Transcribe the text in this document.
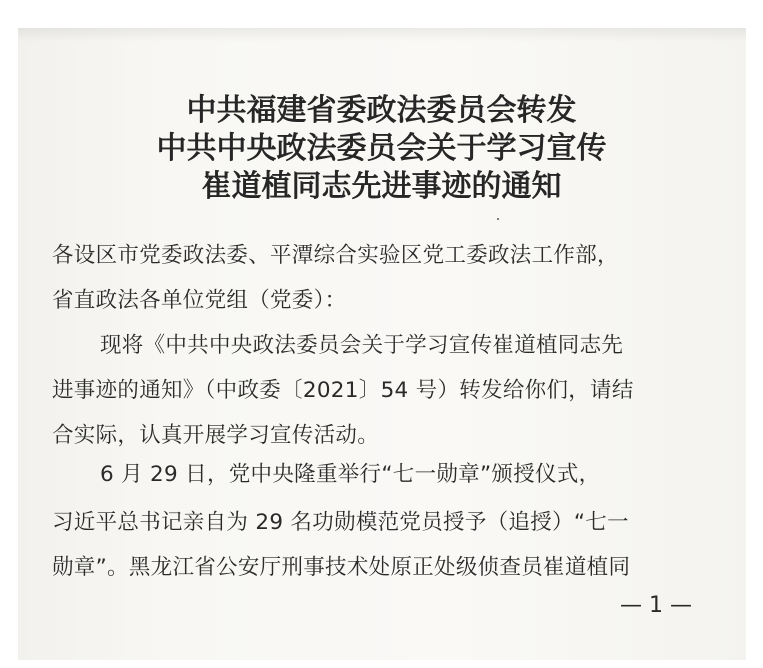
中共福建省委政法委员会转发
中共中央政法委员会关于学习宣传
崔道植同志先进事迹的通知
各设区市党委政法委、平潭综合实验区党工委政法工作部，
省直政法各单位党组（党委）：
现将《中共中央政法委员会关于学习宣传崔道植同志先
进事迹的通知》（中政委〔2021〕54 号）转发给你们，请结
合实际，认真开展学习宣传活动。
6 月 29 日，党中央隆重举行“七一勋章”颁授仪式，
习近平总书记亲自为 29 名功勋模范党员授予（追授）“七一
勋章”。黑龙江省公安厅刑事技术处原正处级侦查员崔道植同
— 1 —
